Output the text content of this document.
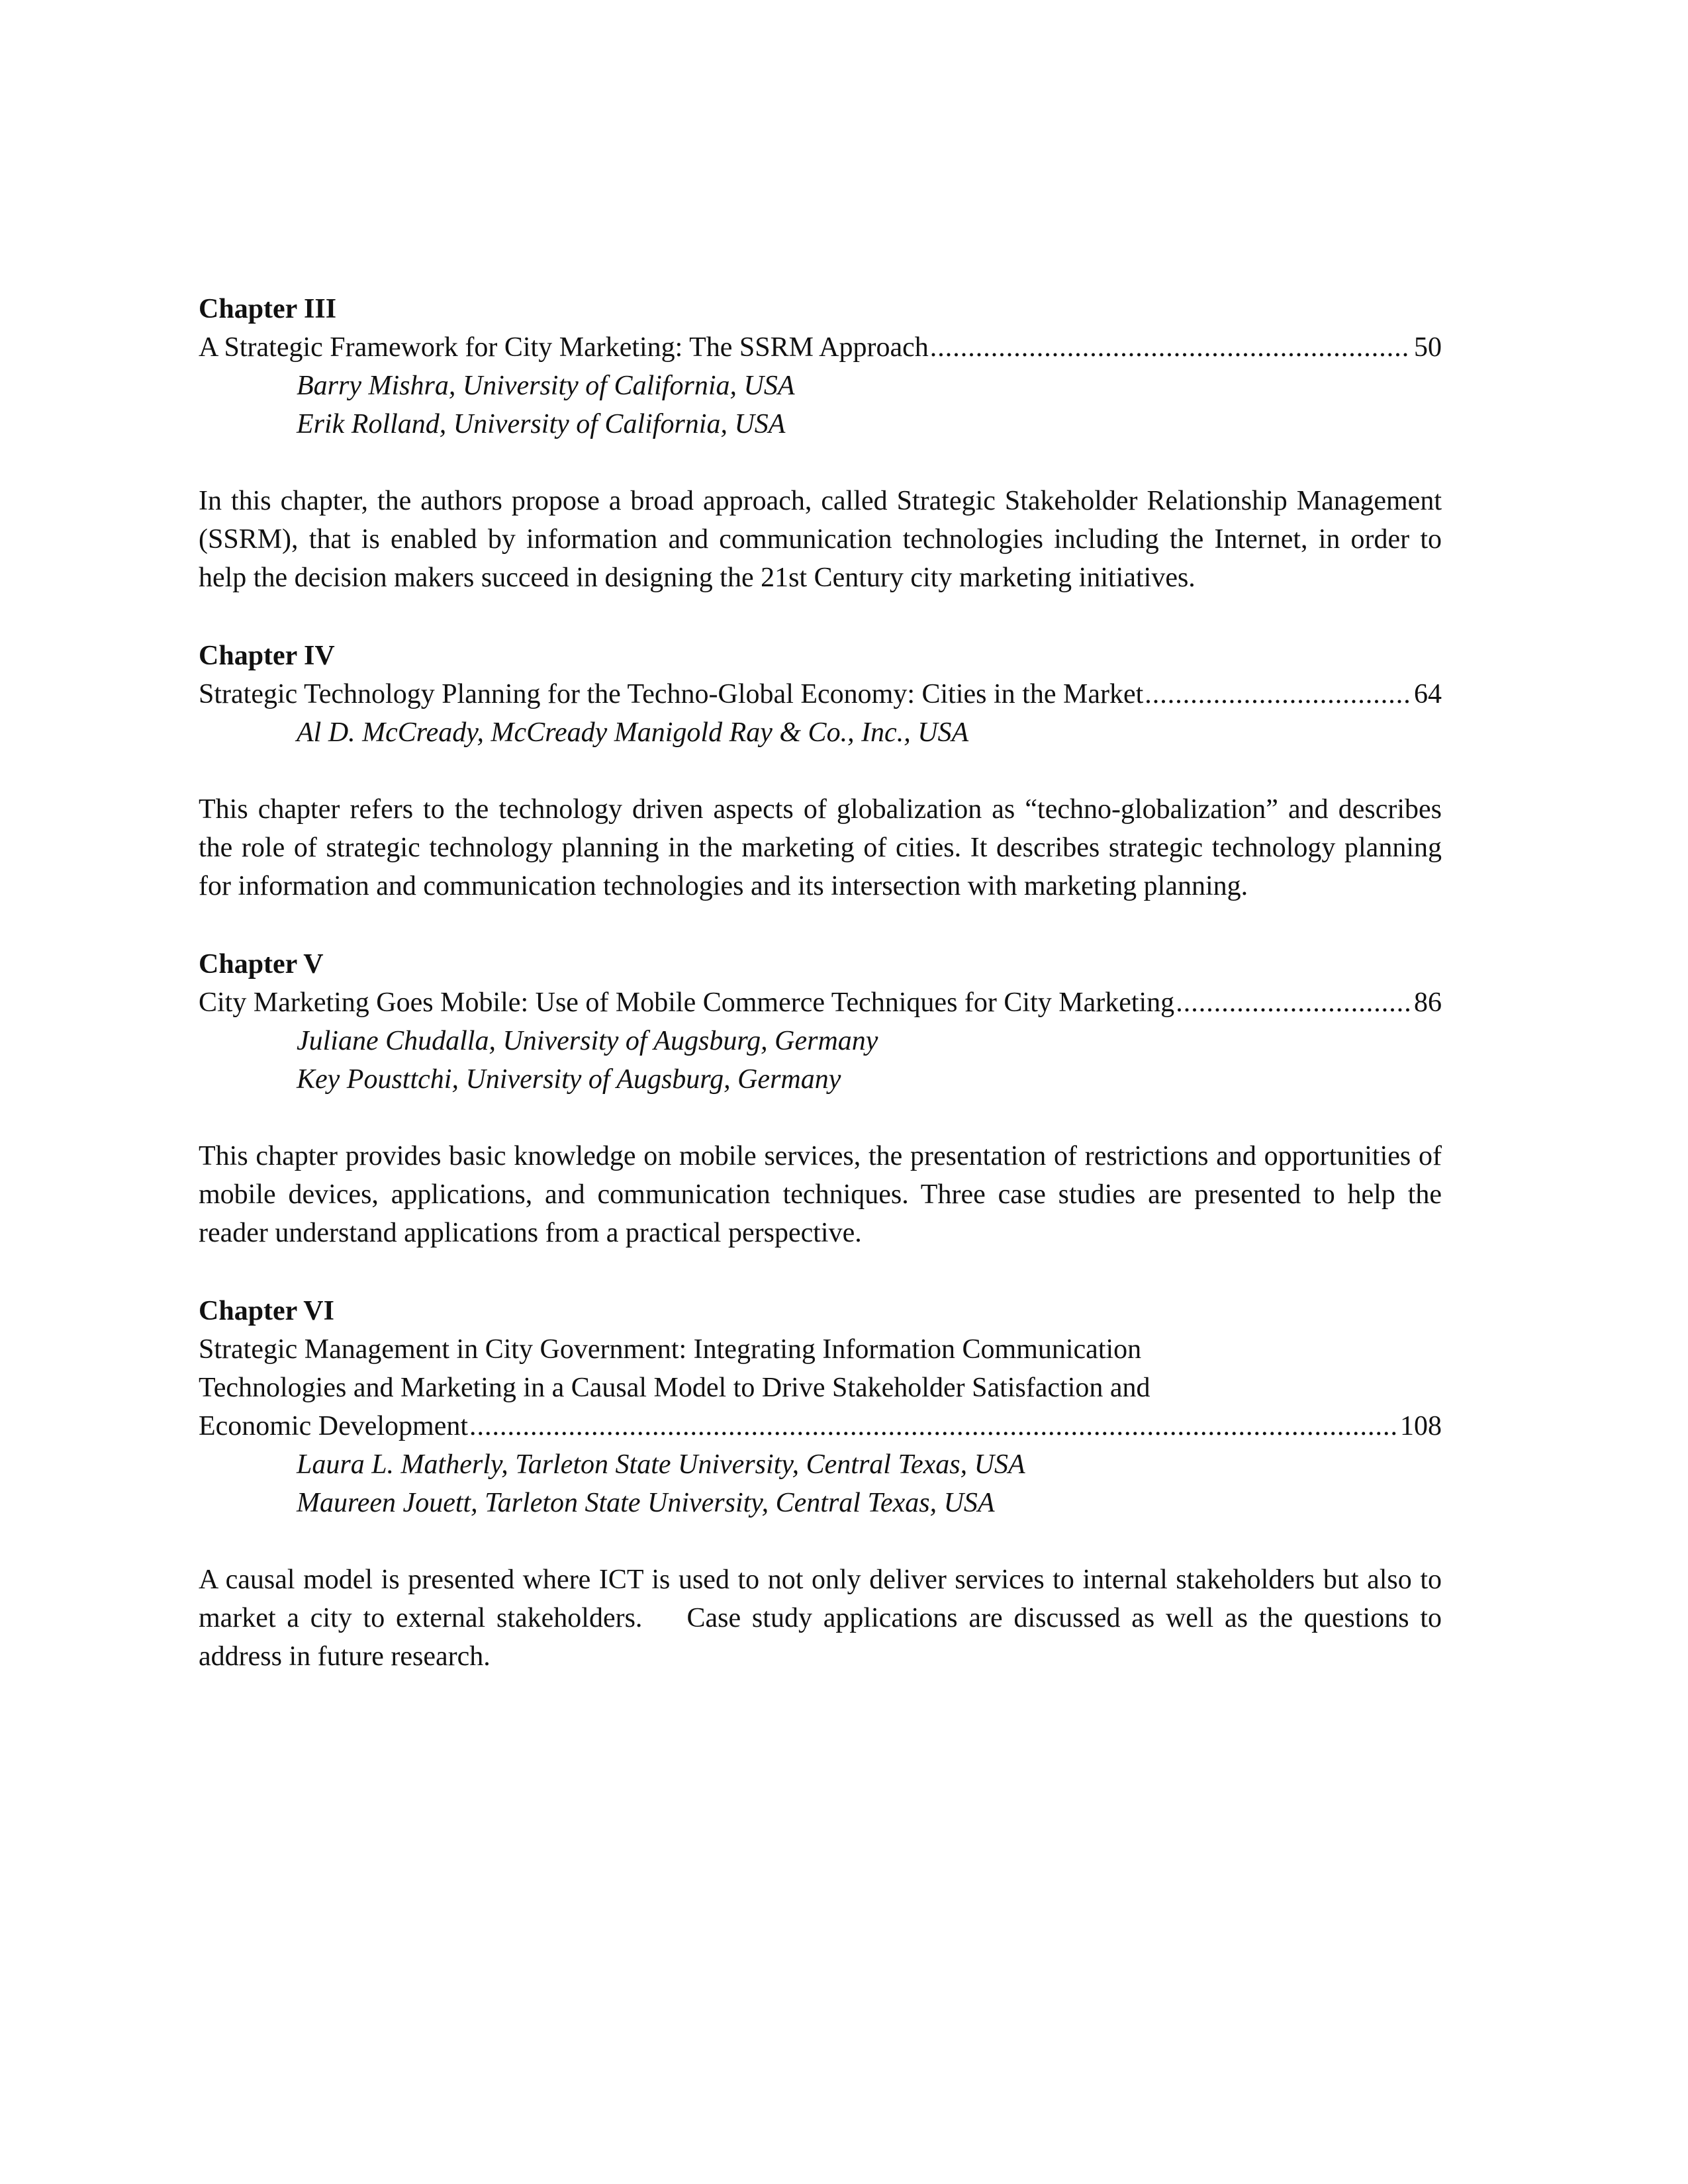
Chapter III
A Strategic Framework for City Marketing: The SSRM Approach .....	50
Barry Mishra, University of California, USA
Erik Rolland, University of California, USA
In this chapter, the authors propose a broad approach, called Strategic Stakeholder Relationship Management (SSRM), that is enabled by information and communication technologies including the Internet, in order to help the decision makers succeed in designing the 21st Century city marketing initiatives.
Chapter IV
Strategic Technology Planning for the Techno-Global Economy: Cities in the Market .....	64
Al D. McCready, McCready Manigold Ray & Co., Inc., USA
This chapter refers to the technology driven aspects of globalization as “techno-globalization” and describes the role of strategic technology planning in the marketing of cities. It describes strategic technology planning for information and communication technologies and its intersection with marketing planning.
Chapter V
City Marketing Goes Mobile: Use of Mobile Commerce Techniques for City Marketing .....	86
Juliane Chudalla, University of Augsburg, Germany
Key Pousttchi, University of Augsburg, Germany
This chapter provides basic knowledge on mobile services, the presentation of restrictions and opportunities of mobile devices, applications, and communication techniques. Three case studies are presented to help the reader understand applications from a practical perspective.
Chapter VI
Strategic Management in City Government: Integrating Information Communication
Technologies and Marketing in a Causal Model to Drive Stakeholder Satisfaction and
Economic Development .....	108
Laura L. Matherly, Tarleton State University, Central Texas, USA
Maureen Jouett, Tarleton State University, Central Texas, USA
A causal model is presented where ICT is used to not only deliver services to internal stakeholders but also to market a city to external stakeholders.    Case study applications are discussed as well as the questions to address in future research.
